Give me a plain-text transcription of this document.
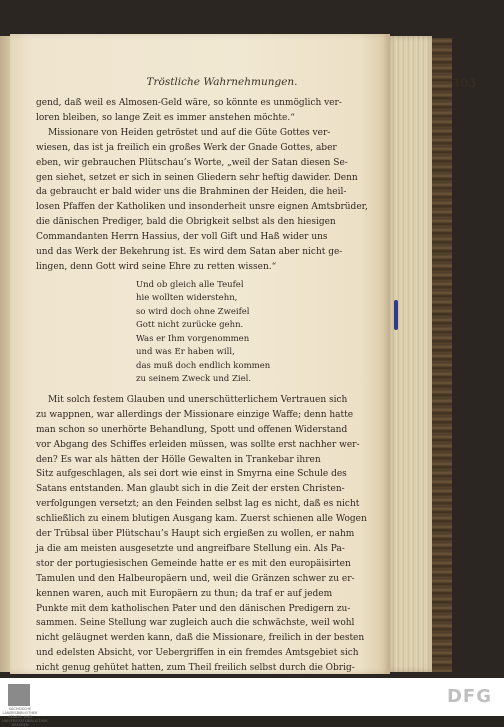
Tröstliche Wahrnehmungen.	103
gend, daß weil es Almosen-Geld wäre, so könnte es unmöglich ver-
loren bleiben, so lange Zeit es immer anstehen möchte.“
Missionare von Heiden getröstet und auf die Güte Gottes ver-
wiesen, das ist ja freilich ein großes Werk der Gnade Gottes, aber
eben, wir gebrauchen Plütschau’s Worte, „weil der Satan diesen Se-
gen siehet, setzet er sich in seinen Gliedern sehr heftig dawider. Denn
da gebraucht er bald wider uns die Brahminen der Heiden, die heil-
losen Pfaffen der Katholiken und insonderheit unsre eignen Amtsbrüder,
die dänischen Prediger, bald die Obrigkeit selbst als den hiesigen
Commandanten Herrn Hassius, der voll Gift und Haß wider uns
und das Werk der Bekehrung ist. Es wird dem Satan aber nicht ge-
lingen, denn Gott wird seine Ehre zu retten wissen.“
Und ob gleich alle Teufel
hie wollten widerstehn,
so wird doch ohne Zweifel
Gott nicht zurücke gehn.
Was er Ihm vorgenommen
und was Er haben will,
das muß doch endlich kommen
zu seinem Zweck und Ziel.
Mit solch festem Glauben und unerschütterlichem Vertrauen sich
zu wappnen, war allerdings der Missionare einzige Waffe; denn hatte
man schon so unerhörte Behandlung, Spott und offenen Widerstand
vor Abgang des Schiffes erleiden müssen, was sollte erst nachher wer-
den? Es war als hätten der Hölle Gewalten in Trankebar ihren
Sitz aufgeschlagen, als sei dort wie einst in Smyrna eine Schule des
Satans entstanden. Man glaubt sich in die Zeit der ersten Christen-
verfolgungen versetzt; an den Feinden selbst lag es nicht, daß es nicht
schließlich zu einem blutigen Ausgang kam. Zuerst schienen alle Wogen
der Trübsal über Plütschau’s Haupt sich ergießen zu wollen, er nahm
ja die am meisten ausgesetzte und angreifbare Stellung ein. Als Pa-
stor der portugiesischen Gemeinde hatte er es mit den europäisirten
Tamulen und den Halbeuropäern und, weil die Gränzen schwer zu er-
kennen waren, auch mit Europäern zu thun; da traf er auf jedem
Punkte mit dem katholischen Pater und den dänischen Predigern zu-
sammen. Seine Stellung war zugleich auch die schwächste, weil wohl
nicht geläugnet werden kann, daß die Missionare, freilich in der besten
und edelsten Absicht, vor Uebergriffen in ein fremdes Amtsgebiet sich
nicht genug gehütet hatten, zum Theil freilich selbst durch die Obrig-
SÄCHSISCHE LANDESBIBLIOTHEK STAATS- UND UNIVERSITÄTSBIBLIOTHEK DRESDEN
DFG
